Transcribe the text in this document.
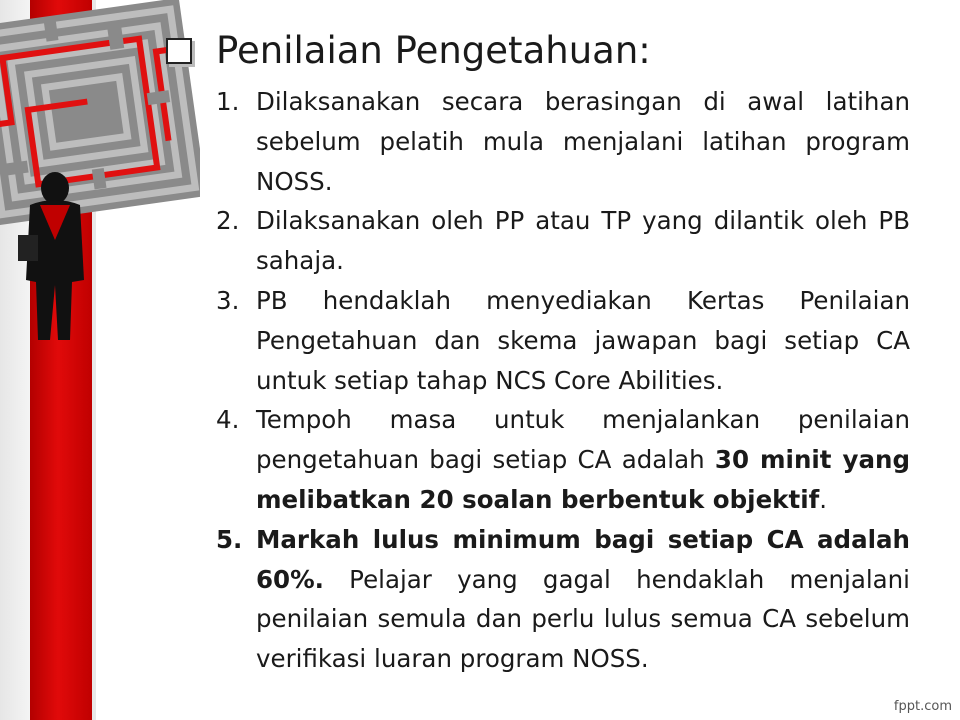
Penilaian Pengetahuan:
1. Dilaksanakan secara berasingan di awal latihan sebelum pelatih mula menjalani latihan program NOSS.
2. Dilaksanakan oleh PP atau TP yang dilantik oleh PB sahaja.
3. PB hendaklah menyediakan Kertas Penilaian Pengetahuan dan skema jawapan bagi setiap CA untuk setiap tahap NCS Core Abilities.
4. Tempoh masa untuk menjalankan penilaian pengetahuan bagi setiap CA adalah 30 minit yang melibatkan 20 soalan berbentuk objektif.
5. Markah lulus minimum bagi setiap CA adalah 60%. Pelajar yang gagal hendaklah menjalani penilaian semula dan perlu lulus semua CA sebelum verifikasi luaran program NOSS.
fppt.com
